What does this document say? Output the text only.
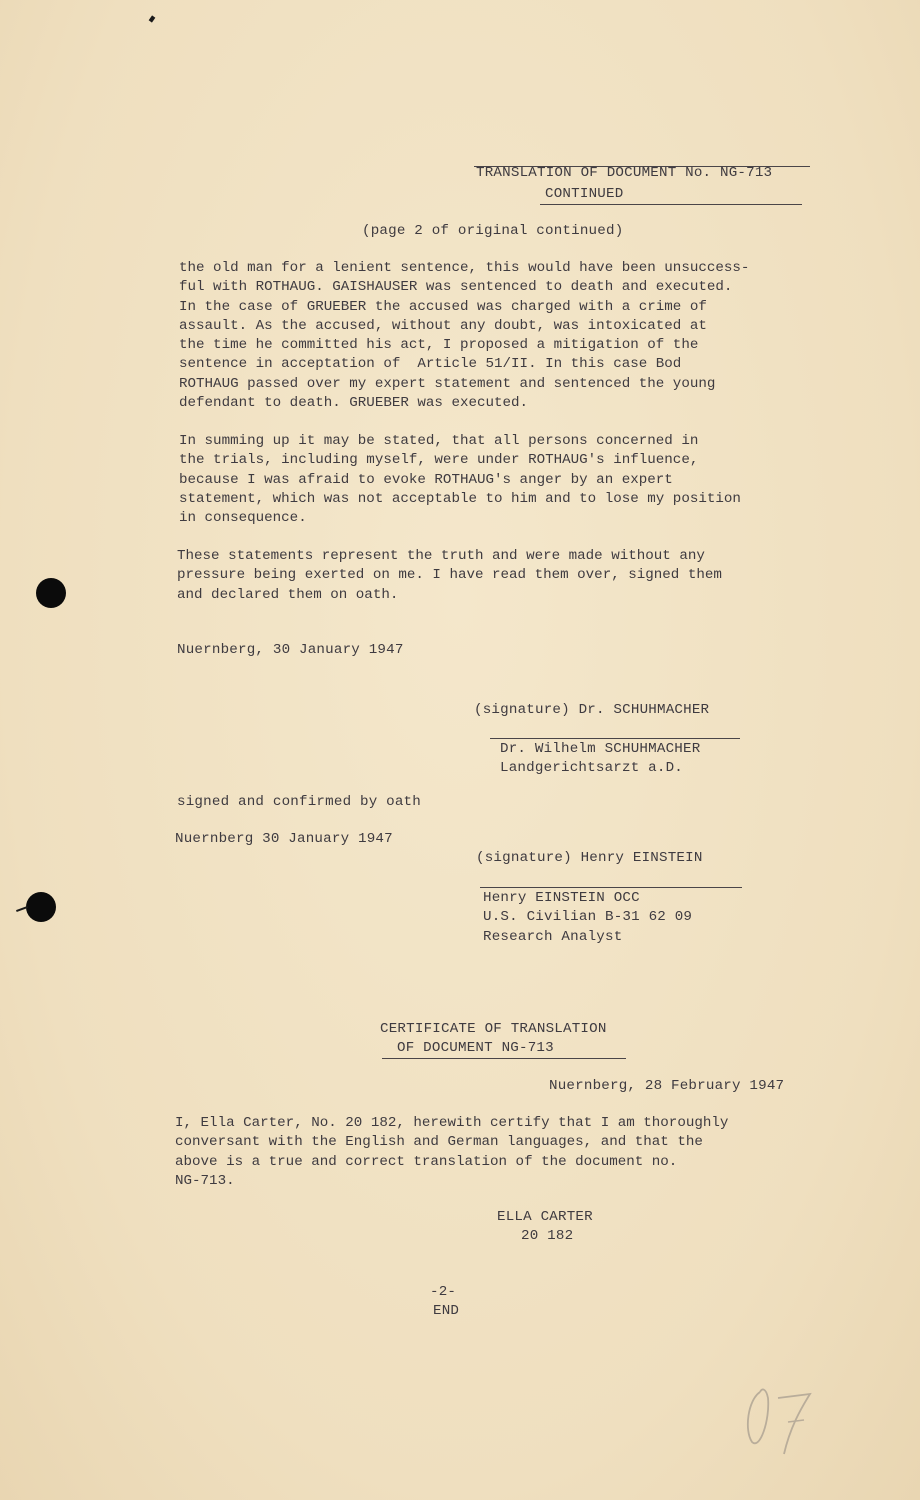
TRANSLATION OF DOCUMENT No. NG-713
CONTINUED
(page 2 of original continued)
the old man for a lenient sentence, this would have been unsuccess-
ful with ROTHAUG. GAISHAUSER was sentenced to death and executed.
In the case of GRUEBER the accused was charged with a crime of
assault. As the accused, without any doubt, was intoxicated at
the time he committed his act, I proposed a mitigation of the
sentence in acceptation of  Article 51/II. In this case Bod
ROTHAUG passed over my expert statement and sentenced the young
defendant to death. GRUEBER was executed.
In summing up it may be stated, that all persons concerned in
the trials, including myself, were under ROTHAUG's influence,
because I was afraid to evoke ROTHAUG's anger by an expert
statement, which was not acceptable to him and to lose my position
in consequence.
These statements represent the truth and were made without any
pressure being exerted on me. I have read them over, signed them
and declared them on oath.
Nuernberg, 30 January 1947
(signature) Dr. SCHUHMACHER
Dr. Wilhelm SCHUHMACHER
Landgerichtsarzt a.D.
signed and confirmed by oath
Nuernberg 30 January 1947
(signature) Henry EINSTEIN
Henry EINSTEIN OCC
U.S. Civilian B-31 62 09
Research Analyst
CERTIFICATE OF TRANSLATION
OF DOCUMENT NG-713
Nuernberg, 28 February 1947
I, Ella Carter, No. 20 182, herewith certify that I am thoroughly
conversant with the English and German languages, and that the
above is a true and correct translation of the document no.
NG-713.
ELLA CARTER
20 182
-2-
END
